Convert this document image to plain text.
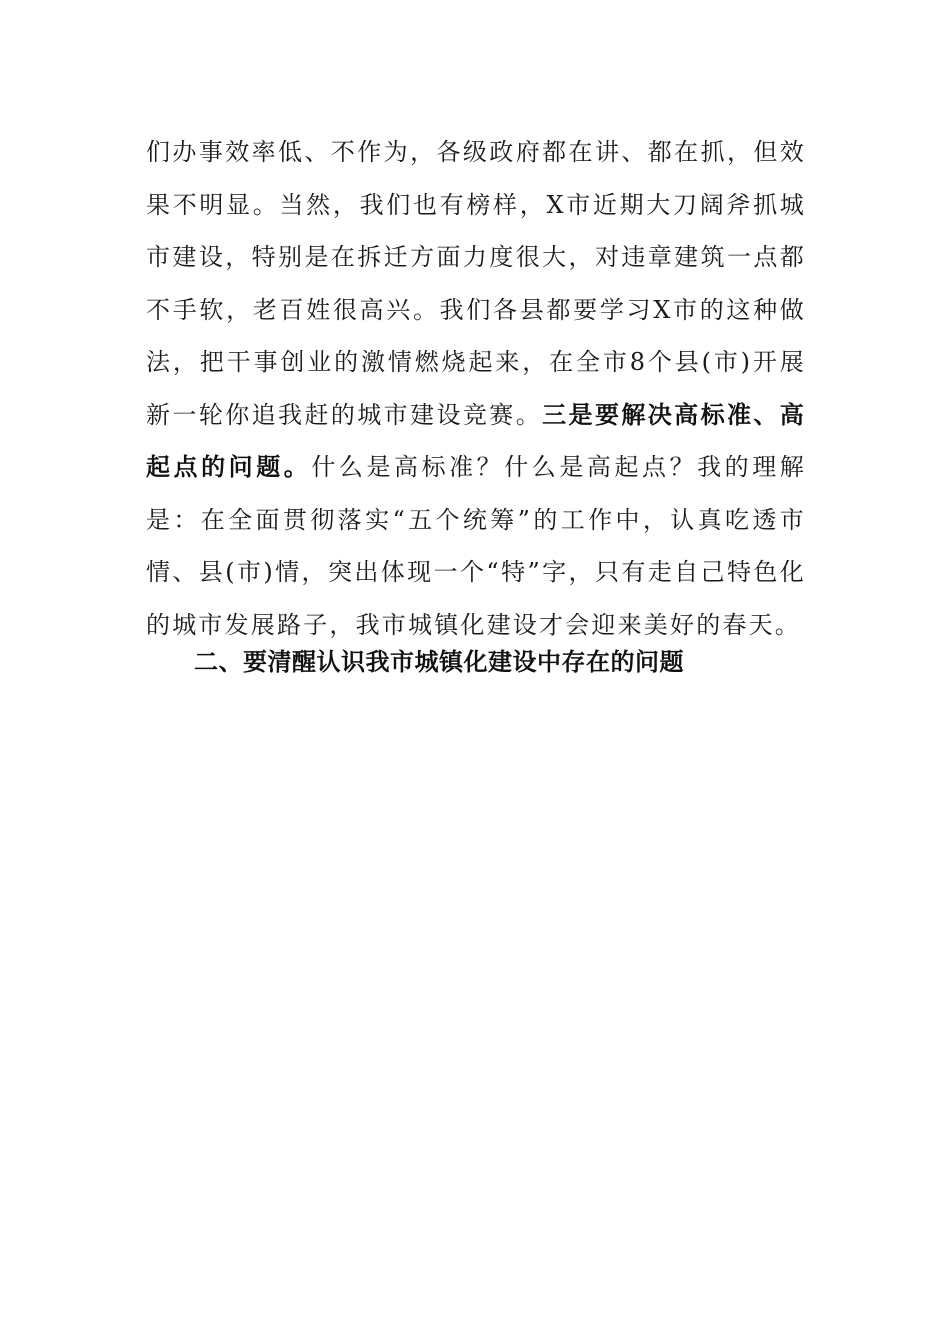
们办事效率低、不作为，各级政府都在讲、都在抓，但效果不明显。当然，我们也有榜样，X市近期大刀阔斧抓城市建设，特别是在拆迁方面力度很大，对违章建筑一点都不手软，老百姓很高兴。我们各县都要学习X市的这种做法，把干事创业的激情燃烧起来，在全市8个县(市)开展新一轮你追我赶的城市建设竞赛。三是要解决高标准、高起点的问题。什么是高标准？什么是高起点？我的理解是：在全面贯彻落实“五个统筹”的工作中，认真吃透市情、县(市)情，突出体现一个“特”字，只有走自己特色化的城市发展路子，我市城镇化建设才会迎来美好的春天。

二、要清醒认识我市城镇化建设中存在的问题
